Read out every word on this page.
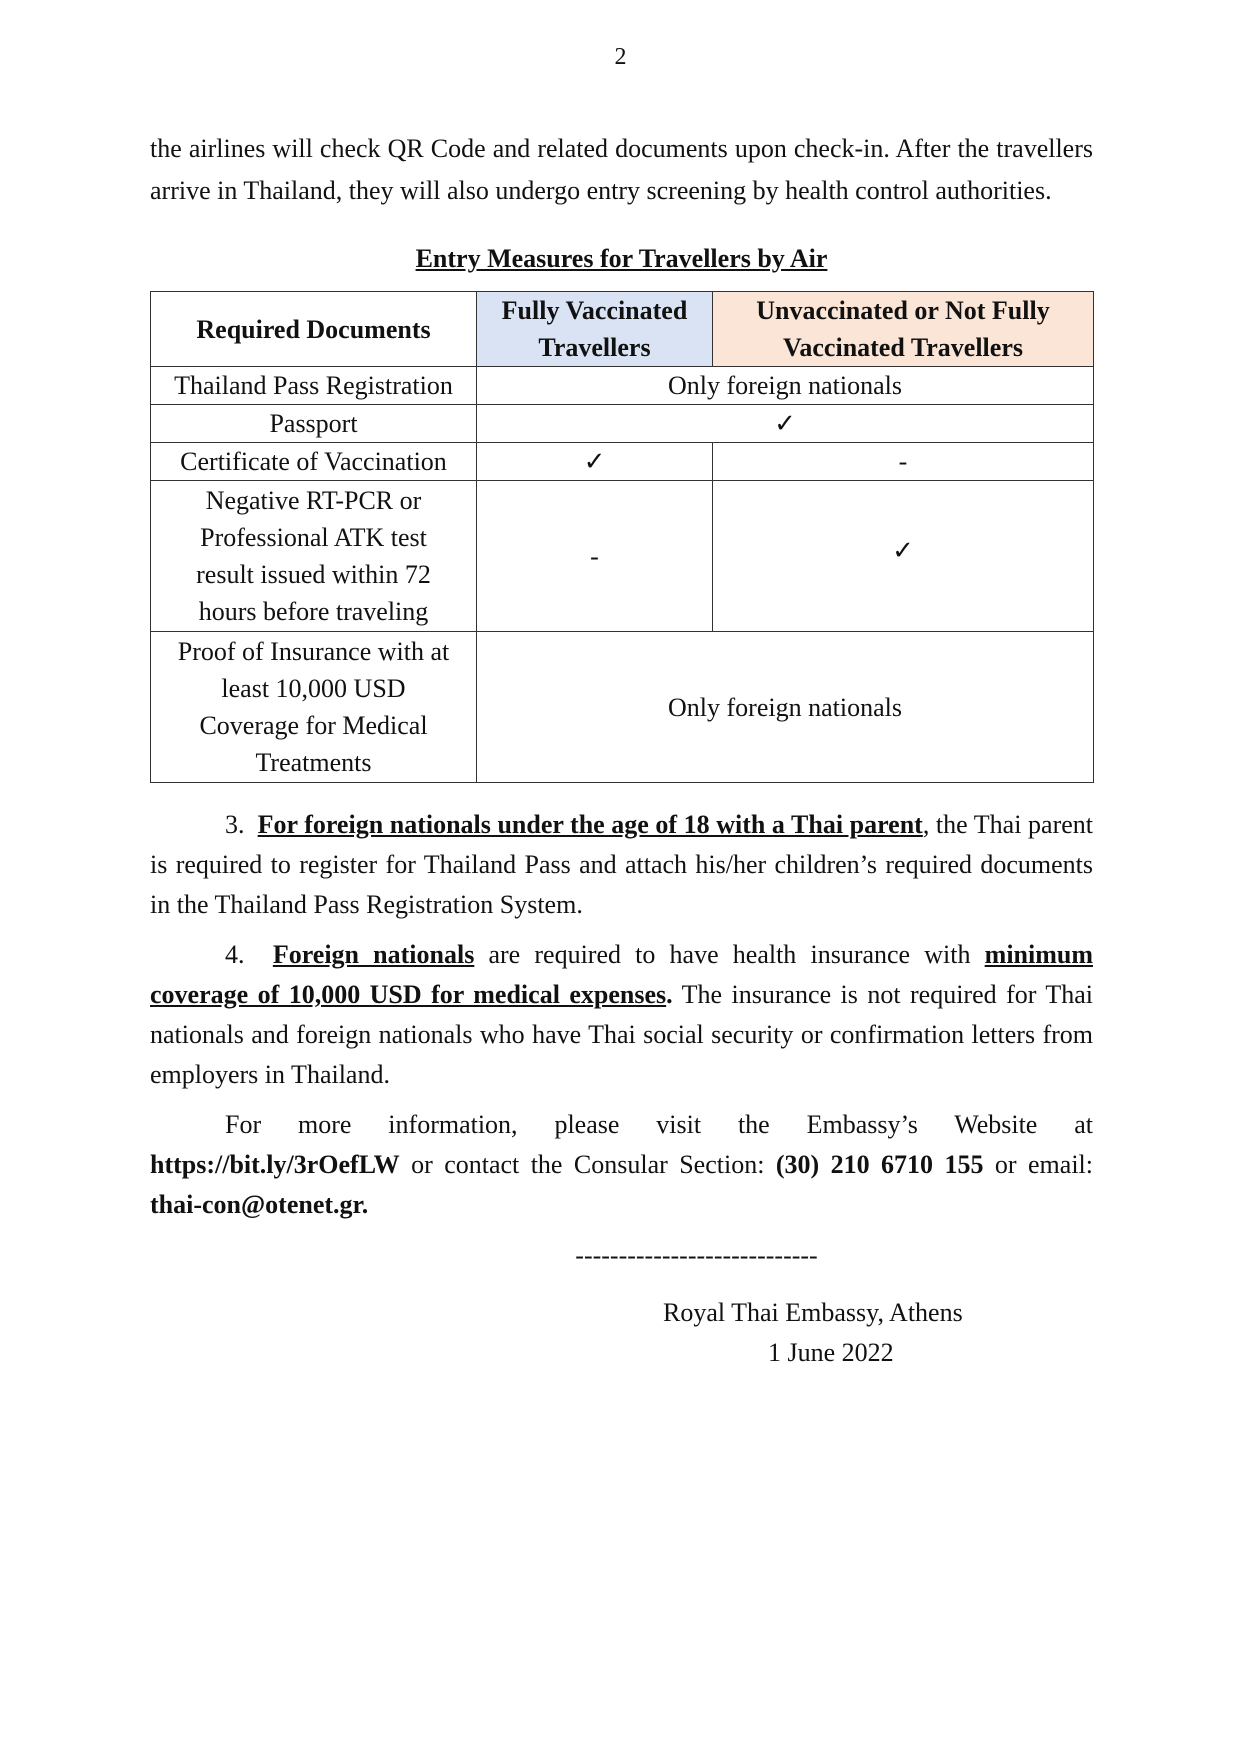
2

the airlines will check QR Code and related documents upon check-in. After the travellers arrive in Thailand, they will also undergo entry screening by health control authorities.

Entry Measures for Travellers by Air
Required Documents	Fully Vaccinated Travellers	Unvaccinated or Not Fully Vaccinated Travellers
Thailand Pass Registration	Only foreign nationals	
Passport	✓	
Certificate of Vaccination	✓	-
Negative RT-PCR or Professional ATK test result issued within 72 hours before traveling	-	✓
Proof of Insurance with at least 10,000 USD Coverage for Medical Treatments	Only foreign nationals	

3. For foreign nationals under the age of 18 with a Thai parent, the Thai parent is required to register for Thailand Pass and attach his/her children’s required documents in the Thailand Pass Registration System.

4. Foreign nationals are required to have health insurance with minimum coverage of 10,000 USD for medical expenses. The insurance is not required for Thai nationals and foreign nationals who have Thai social security or confirmation letters from employers in Thailand.

For more information, please visit the Embassy’s Website at https://bit.ly/3rOefLW or contact the Consular Section: (30) 210 6710 155 or email: thai-con@otenet.gr.

----------------------------
Royal Thai Embassy, Athens
1 June 2022
